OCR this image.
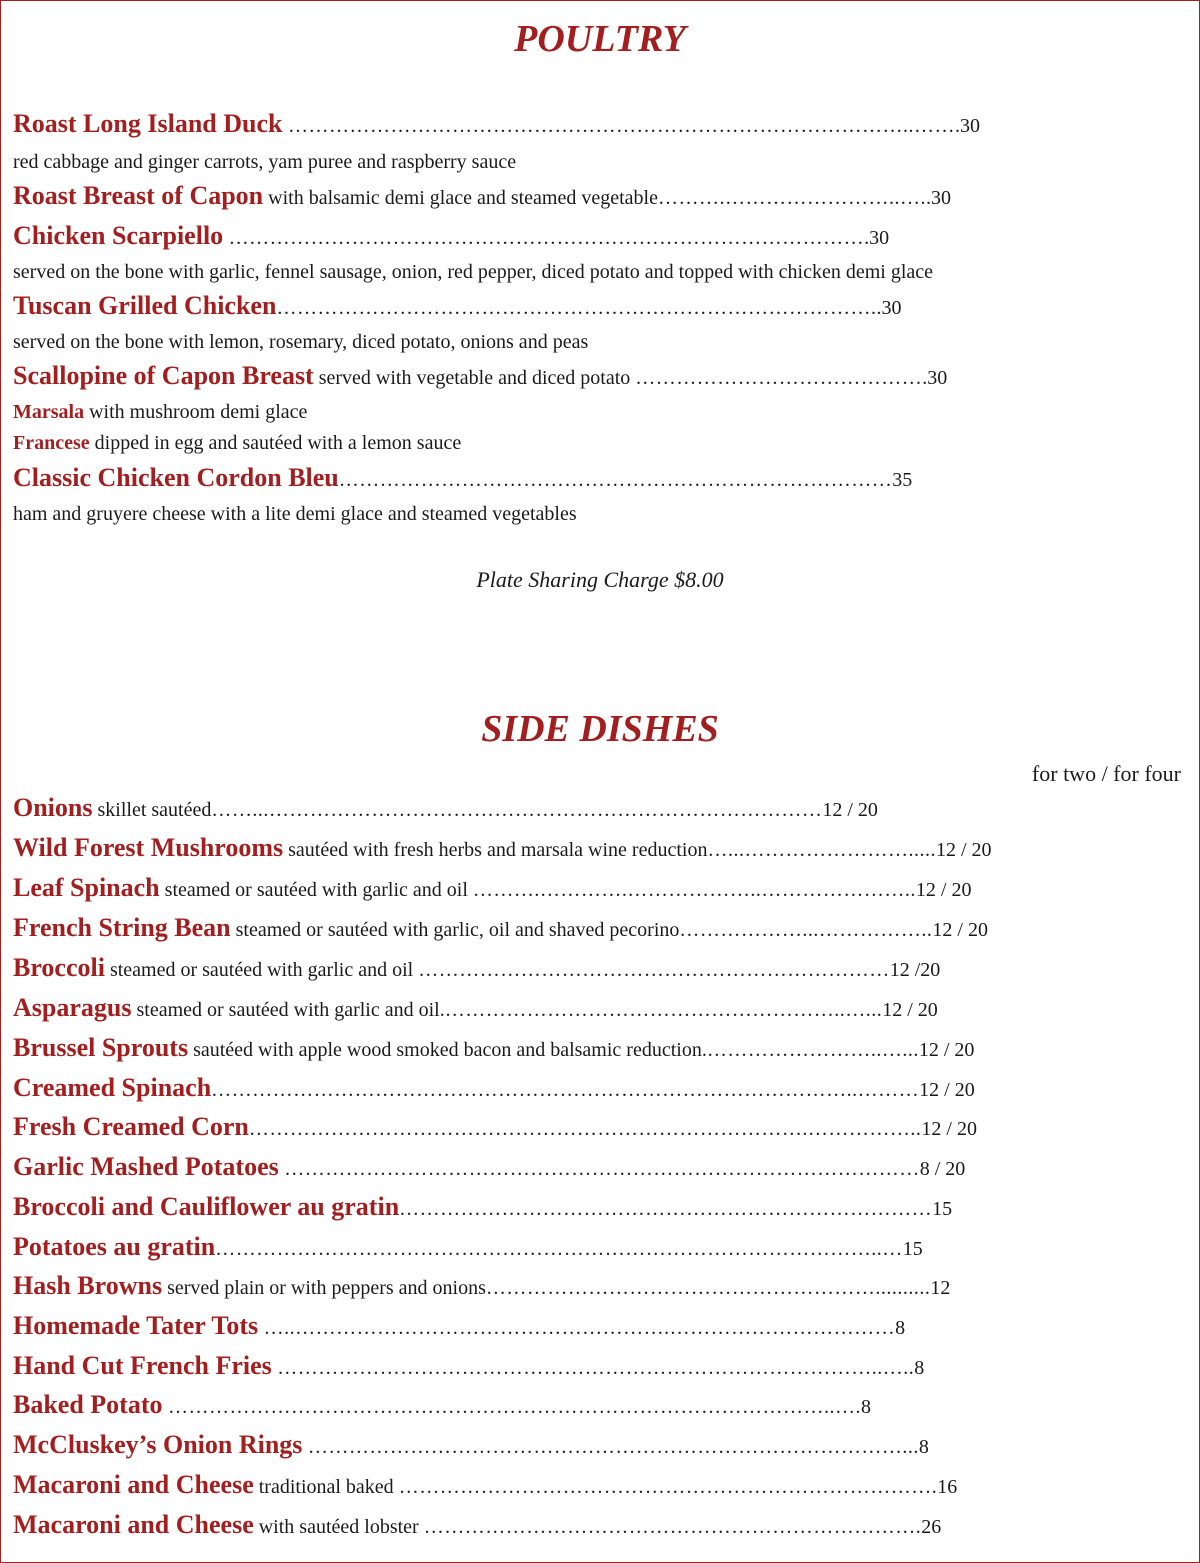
POULTRY
Roast Long Island Duck ………………………………………………………………………………..…….30
red cabbage and ginger carrots, yam puree and raspberry sauce
Roast Breast of Capon with balsamic demi glace and steamed vegetable……….……………………..…..30
Chicken Scarpiello ………………………………………………………………………………….30
served on the bone with garlic, fennel sausage, onion, red pepper, diced potato and topped with chicken demi glace
Tuscan Grilled Chicken……………………………………………………………………………..30
served on the bone with lemon, rosemary, diced potato, onions and peas
Scallopine of Capon Breast served with vegetable and diced potato …………………………………….30
Marsala with mushroom demi glace
Francese dipped in egg and sautéed with a lemon sauce
Classic Chicken Cordon Bleu………………………………………………………………………35
ham and gruyere cheese with a lite demi glace and steamed vegetables
Plate Sharing Charge $8.00
SIDE DISHES
for two / for four
Onions skillet sautéed……...………………………………………………………………………12 / 20
Wild Forest Mushrooms sautéed with fresh herbs and marsala wine reduction…...…………………….....12 / 20
Leaf Spinach steamed or sautéed with garlic and oil ……….………….………………..…………………..12 / 20
French String Bean steamed or sautéed with garlic, oil and shaved pecorino………………...……………..12 / 20
Broccoli steamed or sautéed with garlic and oil ……………………………………………………………12 /20
Asparagus steamed or sautéed with garlic and oil.…………………………………………………..…...12 / 20
Brussel Sprouts sautéed with apple wood smoked bacon and balsamic reduction.……………………..…...12 / 20
Creamed Spinach…………………………………………………………………………………..………12 / 20
Fresh Creamed Corn……………………………………………………………………….……………..12 / 20
Garlic Mashed Potatoes …………………………………………………………………………………8 / 20
Broccoli and Cauliflower au gratin……………………………………………………………………15
Potatoes au gratin……………………………………………………………………………………..…15
Hash Browns served plain or with peppers and onions…………………………………………………..........12
Homemade Tater Tots …..……………………………………………….……………………………8
Hand Cut French Fries ……………………………………………………………………………..…..8
Baked Potato ……………………………………………………………………………………..….8
McCluskey’s Onion Rings ……………………………………………………………………………...8
Macaroni and Cheese traditional baked …………………………………………………………………….16
Macaroni and Cheese with sautéed lobster ……………………………………………………………….26
